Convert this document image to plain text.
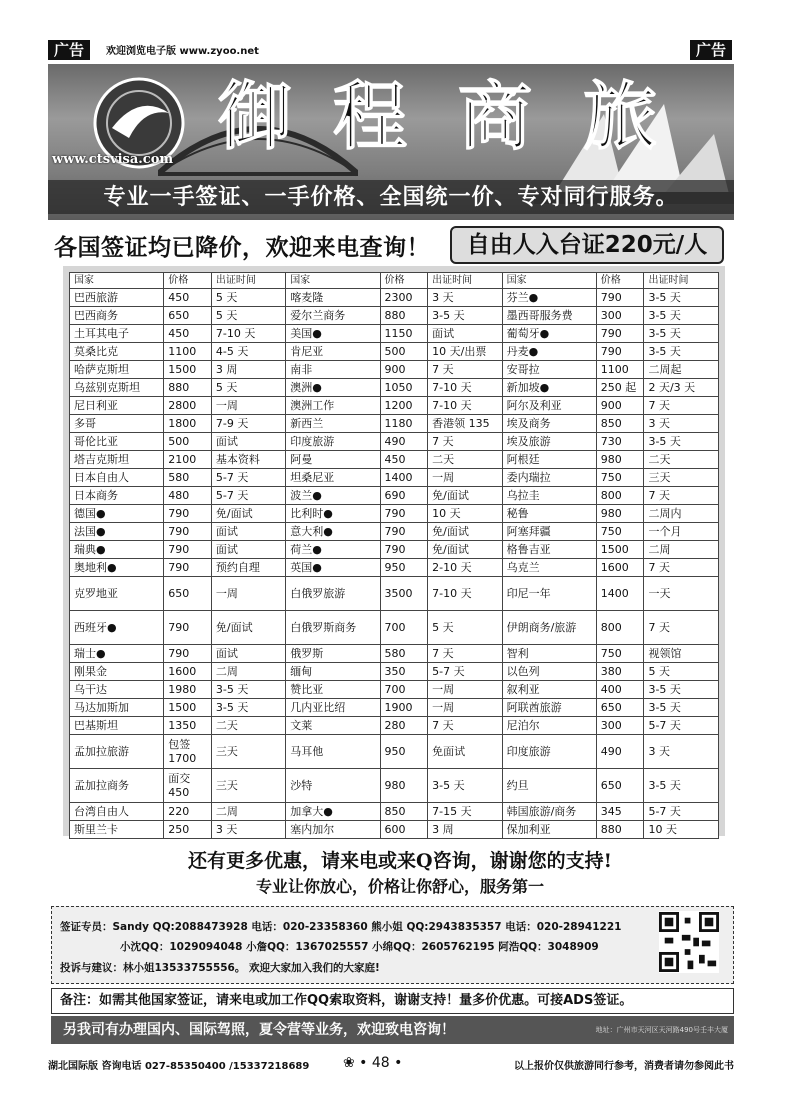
广告	欢迎浏览电子版 www.zyoo.net	广告
www.ctsvisa.com 御 程 商 旅
专业一手签证、一手价格、全国统一价、专对同行服务。
各国签证均已降价，欢迎来电查询！	自由人入台证220元/人
国家	价格	出证时间	国家	价格	出证时间	国家	价格	出证时间
巴西旅游	450	5 天	喀麦隆	2300	3 天	芬兰●	790	3-5 天
巴西商务	650	5 天	爱尔兰商务	880	3-5 天	墨西哥服务费	300	3-5 天
土耳其电子	450	7-10 天	美国●	1150	面试	葡萄牙●	790	3-5 天
莫桑比克	1100	4-5 天	肯尼亚	500	10 天/出票	丹麦●	790	3-5 天
哈萨克斯坦	1500	3 周	南非	900	7 天	安哥拉	1100	二周起
乌兹别克斯坦	880	5 天	澳洲●	1050	7-10 天	新加坡●	250 起	2 天/3 天
尼日利亚	2800	一周	澳洲工作	1200	7-10 天	阿尔及利亚	900	7 天
多哥	1800	7-9 天	新西兰	1180	香港领 135	埃及商务	850	3 天
哥伦比亚	500	面试	印度旅游	490	7 天	埃及旅游	730	3-5 天
塔吉克斯坦	2100	基本资料	阿曼	450	二天	阿根廷	980	二天
日本自由人	580	5-7 天	坦桑尼亚	1400	一周	委内瑞拉	750	三天
日本商务	480	5-7 天	波兰●	690	免/面试	乌拉圭	800	7 天
德国●	790	免/面试	比利时●	790	10 天	秘鲁	980	二周内
法国●	790	面试	意大利●	790	免/面试	阿塞拜疆	750	一个月
瑞典●	790	面试	荷兰●	790	免/面试	格鲁吉亚	1500	二周
奥地利●	790	预约自理	英国●	950	2-10 天	乌克兰	1600	7 天
克罗地亚	650	一周	白俄罗旅游	3500	7-10 天	印尼一年	1400	一天
西班牙●	790	免/面试	白俄罗斯商务	700	5 天	伊朗商务/旅游	800	7 天
瑞士●	790	面试	俄罗斯	580	7 天	智利	750	视领馆
刚果金	1600	二周	缅甸	350	5-7 天	以色列	380	5 天
乌干达	1980	3-5 天	赞比亚	700	一周	叙利亚	400	3-5 天
马达加斯加	1500	3-5 天	几内亚比绍	1900	一周	阿联酋旅游	650	3-5 天
巴基斯坦	1350	二天	文莱	280	7 天	尼泊尔	300	5-7 天
孟加拉旅游	包签1700	三天	马耳他	950	免面试	印度旅游	490	3 天
孟加拉商务	面交450	三天	沙特	980	3-5 天	约旦	650	3-5 天
台湾自由人	220	二周	加拿大●	850	7-15 天	韩国旅游/商务	345	5-7 天
斯里兰卡	250	3 天	塞内加尔	600	3 周	保加利亚	880	10 天
还有更多优惠，请来电或来Q咨询，谢谢您的支持!
专业让你放心，价格让你舒心，服务第一
签证专员：Sandy QQ:2088473928 电话：020-23358360 熊小姐 QQ:2943835357 电话：020-28941221
小沈QQ：1029094048 小詹QQ：1367025557 小绵QQ：2605762195 阿浩QQ：3048909
投诉与建议：林小姐13533755556。 欢迎大家加入我们的大家庭!
备注：如需其他国家签证，请来电或加工作QQ索取资料，谢谢支持！量多价优惠。可接ADS签证。
另我司有办理国内、国际驾照，夏令营等业务，欢迎致电咨询！	地址：广州市天河区天河路490号壬丰大厦
湖北国际版 咨询电话 027-85350400 /15337218689 ❀ • 48 •	以上报价仅供旅游同行参考，消费者请勿参阅此书
